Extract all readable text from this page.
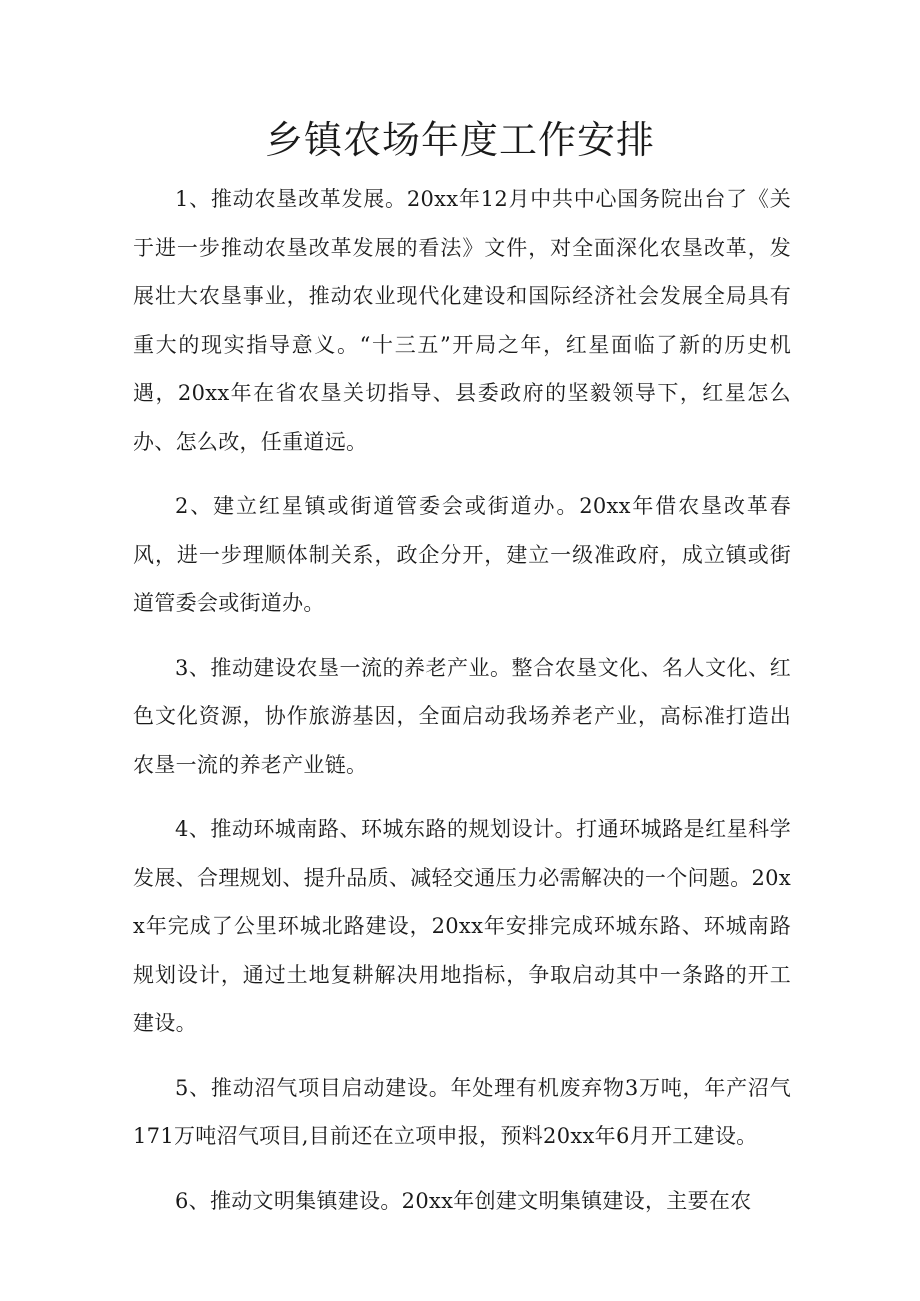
乡镇农场年度工作安排

1、推动农垦改革发展。20xx年12月中共中心国务院出台了《关于进一步推动农垦改革发展的看法》文件，对全面深化农垦改革，发展壮大农垦事业，推动农业现代化建设和国际经济社会发展全局具有重大的现实指导意义。“十三五”开局之年，红星面临了新的历史机遇，20xx年在省农垦关切指导、县委政府的坚毅领导下，红星怎么办、怎么改，任重道远。

2、建立红星镇或街道管委会或街道办。20xx年借农垦改革春风，进一步理顺体制关系，政企分开，建立一级准政府，成立镇或街道管委会或街道办。

3、推动建设农垦一流的养老产业。整合农垦文化、名人文化、红色文化资源，协作旅游基因，全面启动我场养老产业，高标准打造出农垦一流的养老产业链。

4、推动环城南路、环城东路的规划设计。打通环城路是红星科学发展、合理规划、提升品质、减轻交通压力必需解决的一个问题。20xx年完成了公里环城北路建设，20xx年安排完成环城东路、环城南路规划设计，通过土地复耕解决用地指标，争取启动其中一条路的开工建设。

5、推动沼气项目启动建设。年处理有机废弃物3万吨，年产沼气171万吨沼气项目,目前还在立项申报，预料20xx年6月开工建设。

6、推动文明集镇建设。20xx年创建文明集镇建设，主要在农
